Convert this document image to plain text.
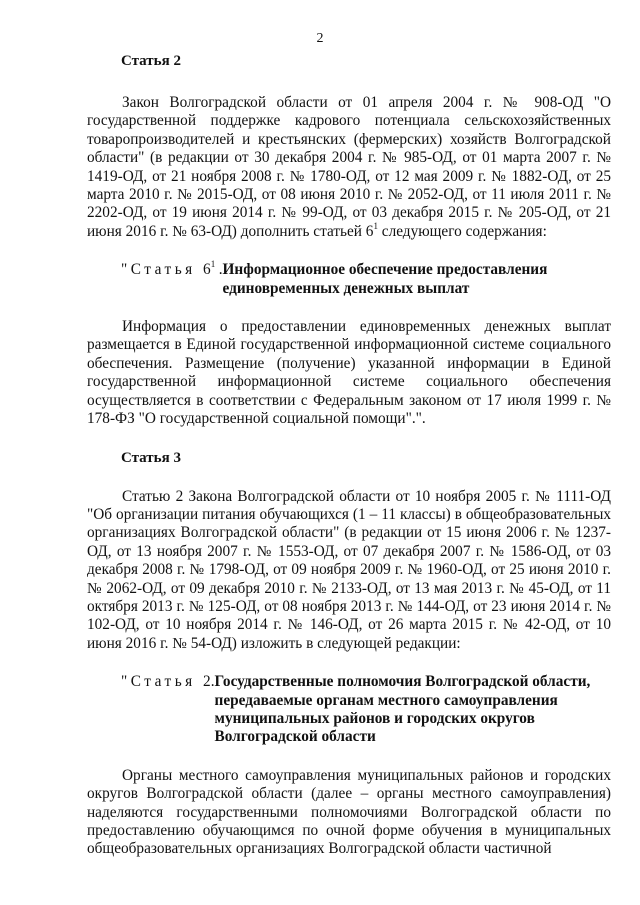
2

Статья 2

Закон Волгоградской области от 01 апреля 2004 г. № 908-ОД "О государственной поддержке кадрового потенциала сельскохозяйственных товаропроизводителей и крестьянских (фермерских) хозяйств Волгоградской области" (в редакции от 30 декабря 2004 г. № 985-ОД, от 01 марта 2007 г. № 1419-ОД, от 21 ноября 2008 г. № 1780-ОД, от 12 мая 2009 г. № 1882-ОД, от 25 марта 2010 г. № 2015-ОД, от 08 июня 2010 г. № 2052-ОД, от 11 июля 2011 г. № 2202-ОД, от 19 июня 2014 г. № 99-ОД, от 03 декабря 2015 г. № 205-ОД, от 21 июня 2016 г. № 63-ОД) дополнить статьей $6^1$ следующего содержания:

"Статья $6^1$. Информационное обеспечение предоставления единовременных денежных выплат

Информация о предоставлении единовременных денежных выплат размещается в Единой государственной информационной системе социального обеспечения. Размещение (получение) указанной информации в Единой государственной информационной системе социального обеспечения осуществляется в соответствии с Федеральным законом от 17 июля 1999 г. № 178-ФЗ "О государственной социальной помощи".".

Статья 3

Статью 2 Закона Волгоградской области от 10 ноября 2005 г. № 1111-ОД "Об организации питания обучающихся (1 – 11 классы) в общеобразовательных организациях Волгоградской области" (в редакции от 15 июня 2006 г. № 1237-ОД, от 13 ноября 2007 г. № 1553-ОД, от 07 декабря 2007 г. № 1586-ОД, от 03 декабря 2008 г. № 1798-ОД, от 09 ноября 2009 г. № 1960-ОД, от 25 июня 2010 г. № 2062-ОД, от 09 декабря 2010 г. № 2133-ОД, от 13 мая 2013 г. № 45-ОД, от 11 октября 2013 г. № 125-ОД, от 08 ноября 2013 г. № 144-ОД, от 23 июня 2014 г. № 102-ОД, от 10 ноября 2014 г. № 146-ОД, от 26 марта 2015 г. № 42-ОД, от 10 июня 2016 г. № 54-ОД) изложить в следующей редакции:

"Статья 2. Государственные полномочия Волгоградской области, передаваемые органам местного самоуправления муниципальных районов и городских округов Волгоградской области

Органы местного самоуправления муниципальных районов и городских округов Волгоградской области (далее – органы местного самоуправления) наделяются государственными полномочиями Волгоградской области по предоставлению обучающимся по очной форме обучения в муниципальных общеобразовательных организациях Волгоградской области частичной
